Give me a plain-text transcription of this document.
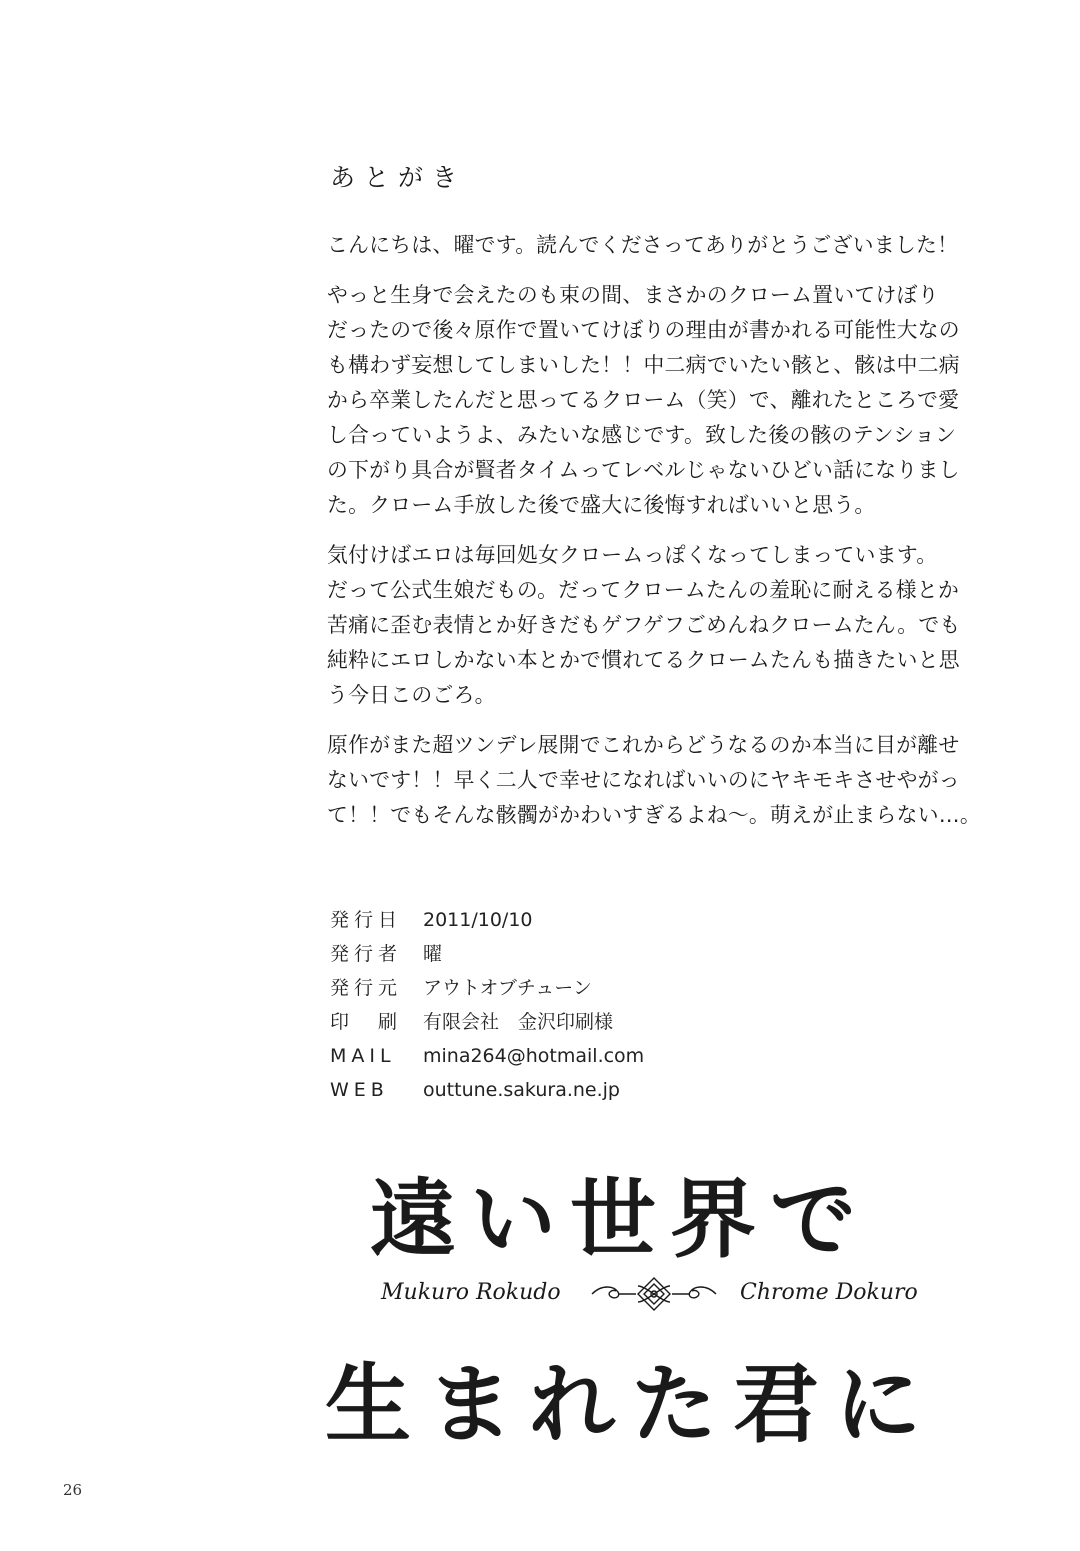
あとがき
こんにちは、曜です。読んでくださってありがとうございました！
やっと生身で会えたのも束の間、まさかのクローム置いてけぼり
だったので後々原作で置いてけぼりの理由が書かれる可能性大なの
も構わず妄想してしまいした！！中二病でいたい骸と、骸は中二病
から卒業したんだと思ってるクローム（笑）で、離れたところで愛
し合っていようよ、みたいな感じです。致した後の骸のテンション
の下がり具合が賢者タイムってレベルじゃないひどい話になりまし
た。クローム手放した後で盛大に後悔すればいいと思う。
気付けばエロは毎回処女クロームっぽくなってしまっています。
だって公式生娘だもの。だってクロームたんの羞恥に耐える様とか
苦痛に歪む表情とか好きだもゲフゲフごめんねクロームたん。でも
純粋にエロしかない本とかで慣れてるクロームたんも描きたいと思
う今日このごろ。
原作がまた超ツンデレ展開でこれからどうなるのか本当に目が離せ
ないです！！早く二人で幸せになればいいのにヤキモキさせやがっ
て！！でもそんな骸髑がかわいすぎるよね〜。萌えが止まらない…。
発行日	2011/10/10
発行者	曜
発行元	アウトオブチューン
印　刷	有限会社　金沢印刷様
MAIL	mina264@hotmail.com
WEB	outtune.sakura.ne.jp
遠い世界で
Mukuro Rokudo	Chrome Dokuro
生まれた君に
26
